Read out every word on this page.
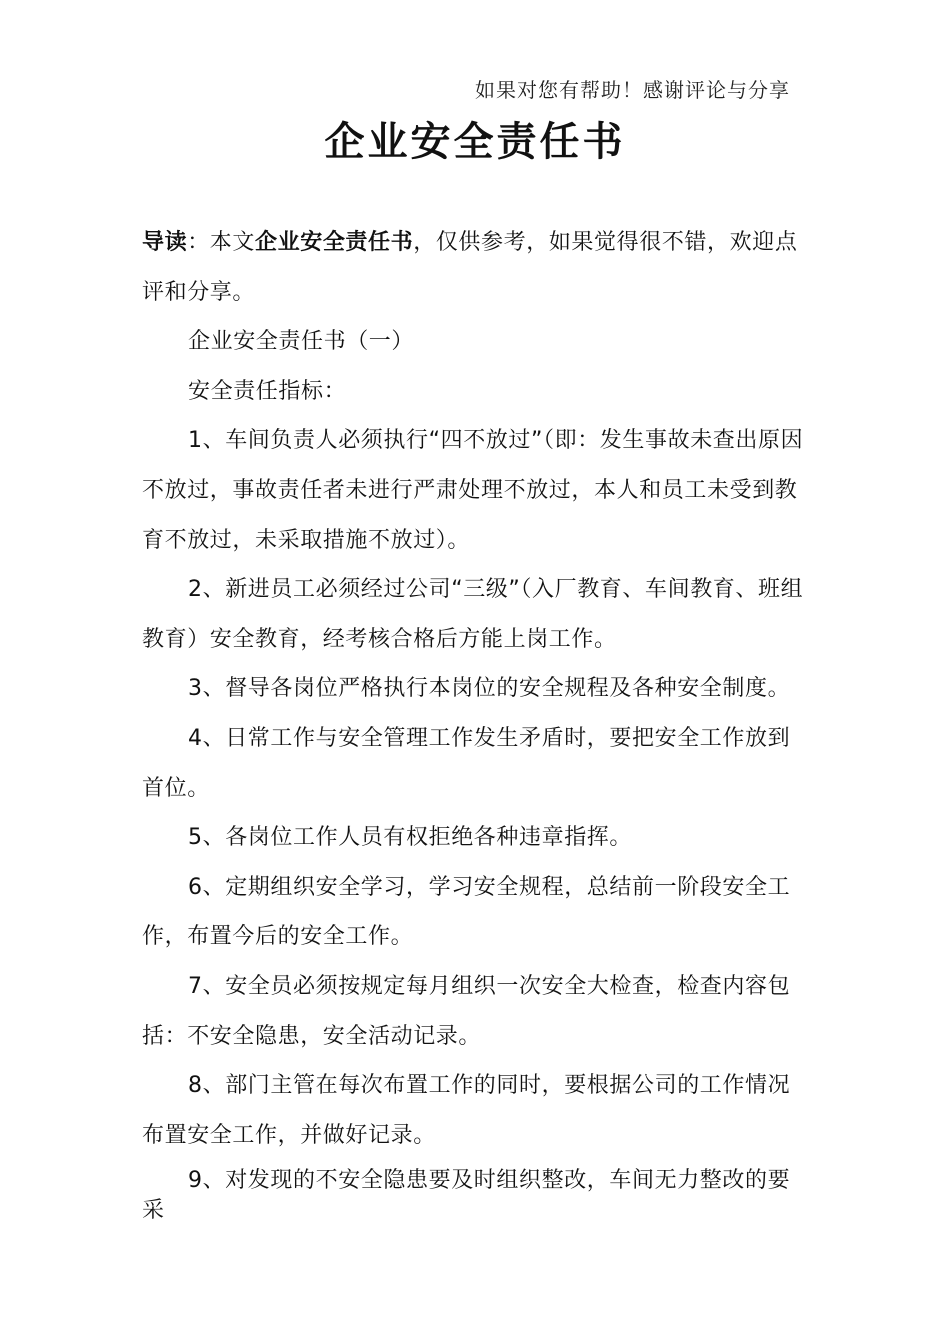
如果对您有帮助！感谢评论与分享
企业安全责任书

导读：本文企业安全责任书，仅供参考，如果觉得很不错，欢迎点评和分享。

企业安全责任书（一）

安全责任指标：

1、车间负责人必须执行“四不放过”（即：发生事故未查出原因不放过，事故责任者未进行严肃处理不放过，本人和员工未受到教育不放过，未采取措施不放过）。

2、新进员工必须经过公司“三级”（入厂教育、车间教育、班组教育）安全教育，经考核合格后方能上岗工作。

3、督导各岗位严格执行本岗位的安全规程及各种安全制度。

4、日常工作与安全管理工作发生矛盾时，要把安全工作放到首位。

5、各岗位工作人员有权拒绝各种违章指挥。

6、定期组织安全学习，学习安全规程，总结前一阶段安全工作，布置今后的安全工作。

7、安全员必须按规定每月组织一次安全大检查，检查内容包括：不安全隐患，安全活动记录。

8、部门主管在每次布置工作的同时，要根据公司的工作情况布置安全工作，并做好记录。

9、对发现的不安全隐患要及时组织整改，车间无力整改的要采
